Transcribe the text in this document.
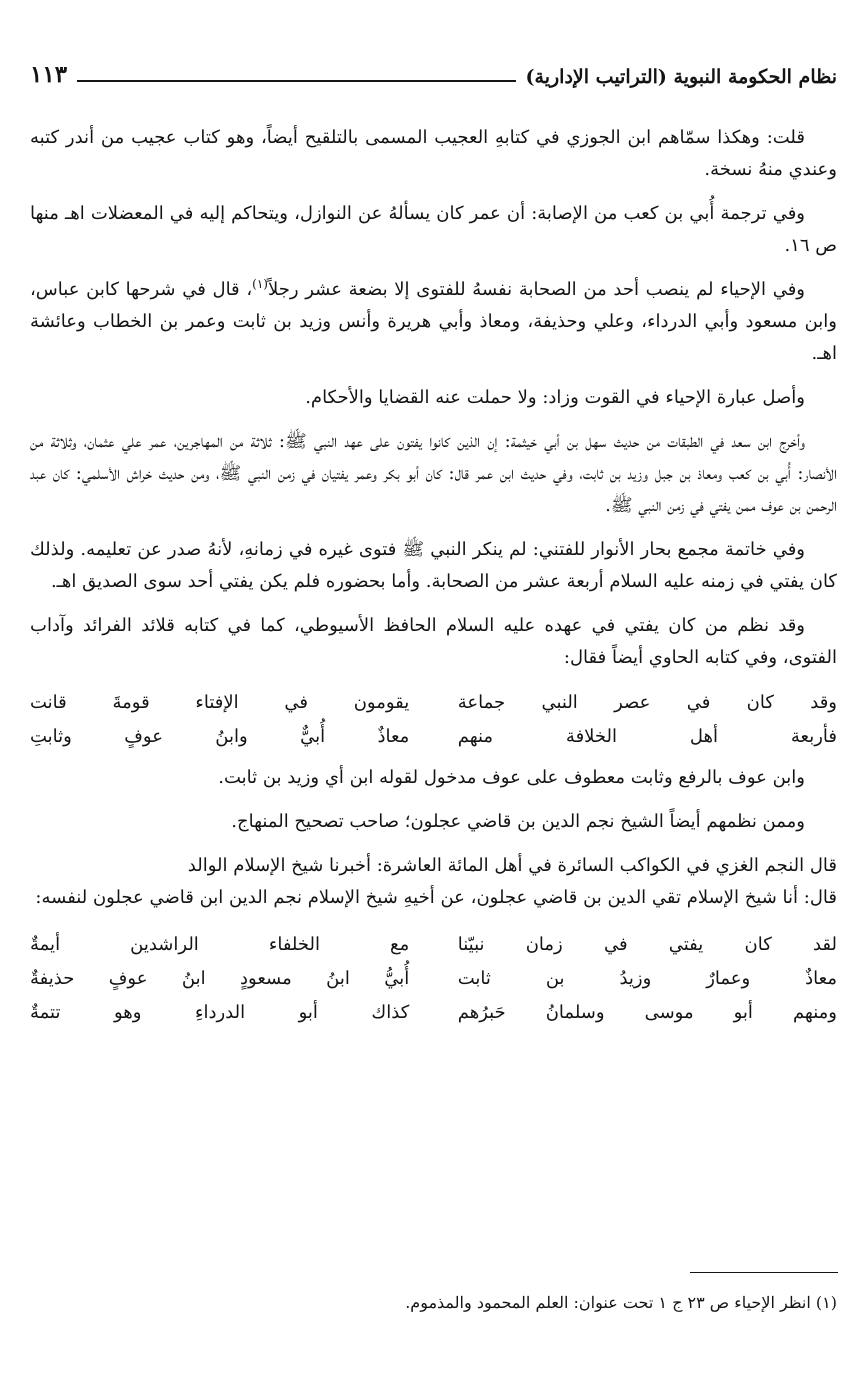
نظام الحكومة النبوية (التراتيب الإدارية)
١١٣

قلت: وهكذا سمّاهم ابن الجوزي في كتابهِ العجيب المسمى بالتلقيح أيضاً، وهو كتاب عجيب من أندر كتبه وعندي منهُ نسخة.

وفي ترجمة أُبي بن كعب من الإصابة: أن عمر كان يسألهُ عن النوازل، ويتحاكم إليه في المعضلات اهـ منها ص ١٦.

وفي الإحياء لم ينصب أحد من الصحابة نفسهُ للفتوى إلا بضعة عشر رجلاً$^{(١)}$، قال في شرحها كابن عباس، وابن مسعود وأبي الدرداء، وعلي وحذيفة، ومعاذ وأبي هريرة وأنس وزيد بن ثابت وعمر بن الخطاب وعائشة اهـ.

وأصل عبارة الإحياء في القوت وزاد: ولا حملت عنه القضايا والأحكام.

وأخرج ابن سعد في الطبقات من حديث سهل بن أبي خيثمة: إن الذين كانوا يفتون على عهد النبي ﷺ: ثلاثة من المهاجرين، عمر علي عثمان، وثلاثة من الأنصار: أُبي بن كعب ومعاذ بن جبل وزيد بن ثابت، وفي حديث ابن عمر قال: كان أبو بكر وعمر يفتيان في زمن النبي ﷺ، ومن حديث خراش الأسلمي: كان عبد الرحمن بن عوف ممن يفتي في زمن النبي ﷺ.

وفي خاتمة مجمع بحار الأنوار للفتني: لم ينكر النبي ﷺ فتوى غيره في زمانهِ، لأنهُ صدر عن تعليمه. ولذلك كان يفتي في زمنه عليه السلام أربعة عشر من الصحابة. وأما بحضوره فلم يكن يفتي أحد سوى الصديق اهـ.

وقد نظم من كان يفتي في عهده عليه السلام الحافظ الأسيوطي، كما في كتابه قلائد الفرائد وآداب الفتوى، وفي كتابه الحاوي أيضاً فقال:

وقد كان في عصر النبي جماعة
يقومون في الإفتاء قومةَ قانت
فأربعة أهل الخلافة منهم
معاذٌ أُبيٌّ وابنُ عوفٍ وثابتِ

وابن عوف بالرفع وثابت معطوف على عوف مدخول لقوله ابن أي وزيد بن ثابت.

وممن نظمهم أيضاً الشيخ نجم الدين بن قاضي عجلون؛ صاحب تصحيح المنهاج.

قال النجم الغزي في الكواكب السائرة في أهل المائة العاشرة: أخبرنا شيخ الإسلام الوالد

قال: أنا شيخ الإسلام تقي الدين بن قاضي عجلون، عن أخيهِ شيخ الإسلام نجم الدين ابن قاضي عجلون لنفسه:

لقد كان يفتي في زمان نبيّنا
مع الخلفاء الراشدين أيمةٌ
معاذٌ وعمارٌ وزيدُ بن ثابت
أُبيُّ ابنُ مسعودٍ ابنُ عوفٍ حذيفةٌ
ومنهم أبو موسى وسلمانُ حَبرُهم
كذاك أبو الدرداءِ وهو تتمةٌ
(١) انظر الإحياء ص ٢٣ ج ١ تحت عنوان: العلم المحمود والمذموم.
